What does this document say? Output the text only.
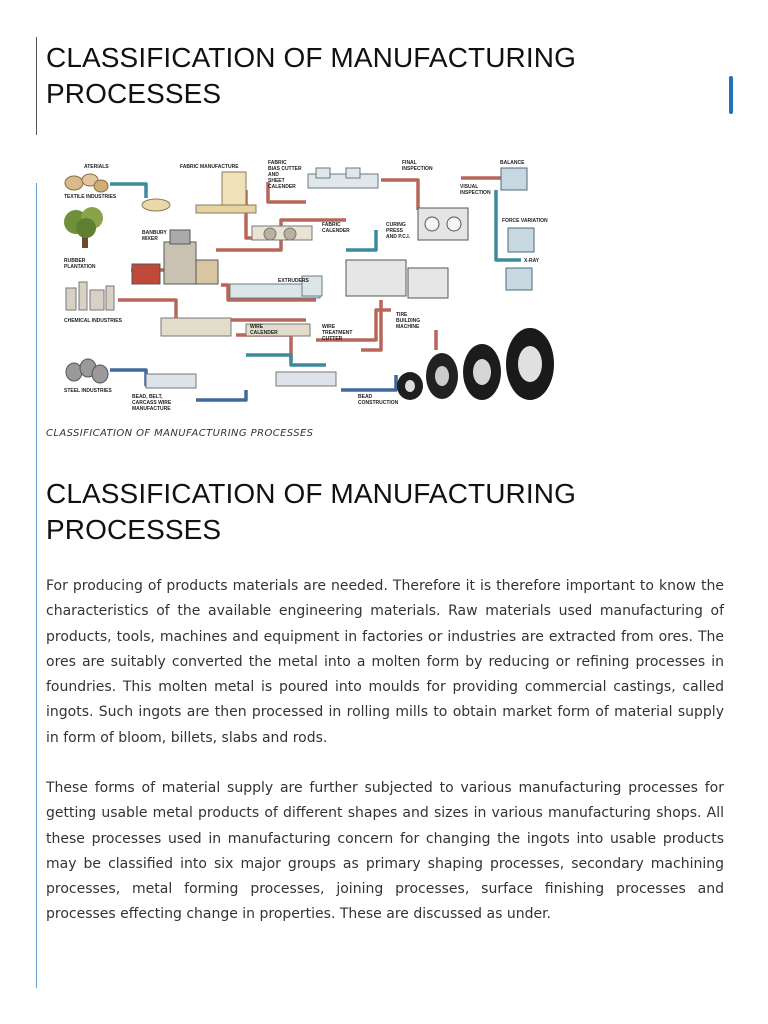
CLASSIFICATION OF MANUFACTURING PROCESSES
ATERIALS
TEXTILE INDUSTRIES
FABRIC MANUFACTURE
FABRIC
BIAS CUTTER
AND
SHEET
CALENDER
FINAL
INSPECTION
BALANCE
VISUAL
INSPECTION
BANBURY
MIXER
FABRIC
CALENDER
CURING
PRESS
AND P.C.I.
FORCE VARIATION
RUBBER
PLANTATION
X-RAY
EXTRUDERS
CHEMICAL INDUSTRIES
TIRE
BUILDING
MACHINE
WIRE
CALENDER
WIRE
TREATMENT
CUTTER
STEEL INDUSTRIES
BEAD, BELT,
CARCASS WIRE
MANUFACTURE
BEAD
CONSTRUCTION
CLASSIFICATION OF MANUFACTURING PROCESSES
CLASSIFICATION OF MANUFACTURING PROCESSES

For producing of products materials are needed. Therefore it is therefore important to know the characteristics of the available engineering materials. Raw materials used manufacturing of products, tools, machines and equipment in factories or industries are extracted from ores. The ores are suitably converted the metal into a molten form by reducing or refining processes in foundries. This molten metal is poured into moulds for providing commercial castings, called ingots. Such ingots are then processed in rolling mills to obtain market form of material supply in form of bloom, billets, slabs and rods.

These forms of material supply are further subjected to various manufacturing processes for getting usable metal products of different shapes and sizes in various manufacturing shops. All these processes used in manufacturing concern for changing the ingots into usable products may be classified into six major groups as primary shaping processes, secondary machining processes, metal forming processes, joining processes, surface finishing processes and processes effecting change in properties. These are discussed as under.
